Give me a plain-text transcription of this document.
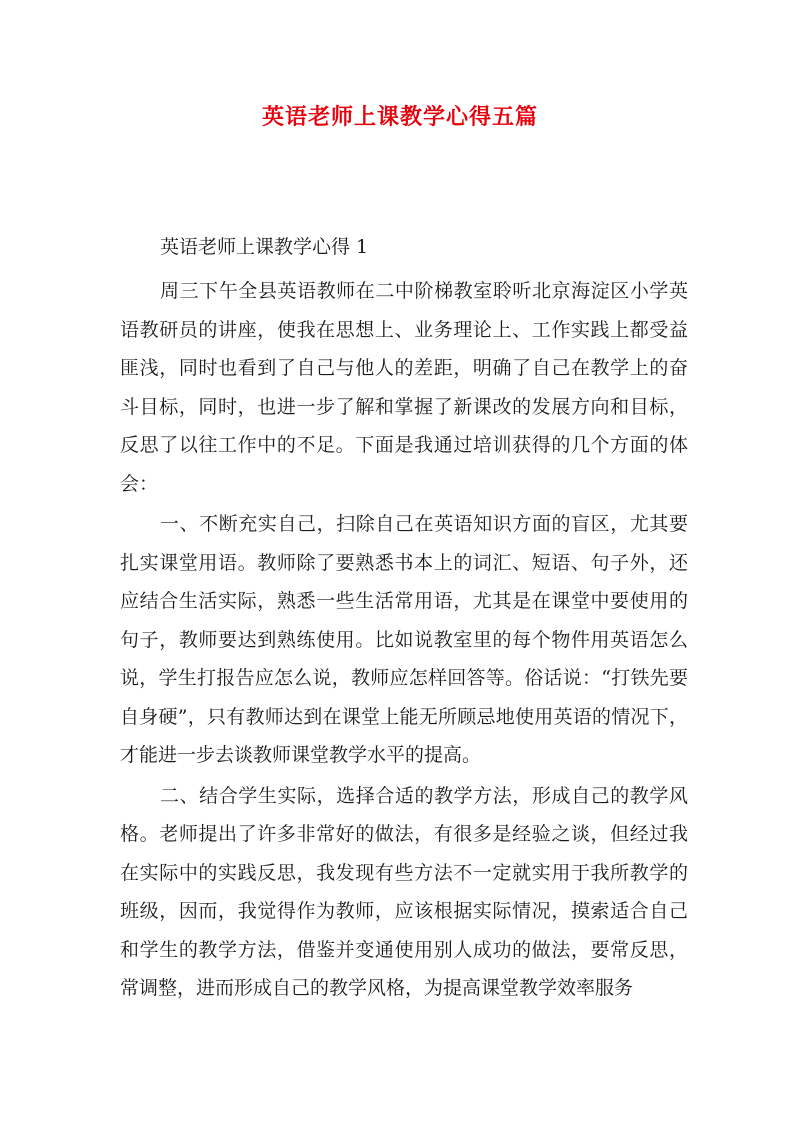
英语老师上课教学心得五篇
英语老师上课教学心得 1

周三下午全县英语教师在二中阶梯教室聆听北京海淀区小学英语教研员的讲座，使我在思想上、业务理论上、工作实践上都受益匪浅，同时也看到了自己与他人的差距，明确了自己在教学上的奋斗目标，同时，也进一步了解和掌握了新课改的发展方向和目标，反思了以往工作中的不足。下面是我通过培训获得的几个方面的体会：

一、不断充实自己，扫除自己在英语知识方面的盲区，尤其要扎实课堂用语。教师除了要熟悉书本上的词汇、短语、句子外，还应结合生活实际，熟悉一些生活常用语，尤其是在课堂中要使用的句子，教师要达到熟练使用。比如说教室里的每个物件用英语怎么说，学生打报告应怎么说，教师应怎样回答等。俗话说：“打铁先要自身硬”，只有教师达到在课堂上能无所顾忌地使用英语的情况下，才能进一步去谈教师课堂教学水平的提高。

二、结合学生实际，选择合适的教学方法，形成自己的教学风格。老师提出了许多非常好的做法，有很多是经验之谈，但经过我在实际中的实践反思，我发现有些方法不一定就实用于我所教学的班级，因而，我觉得作为教师，应该根据实际情况，摸索适合自己和学生的教学方法，借鉴并变通使用别人成功的做法，要常反思，常调整，进而形成自己的教学风格，为提高课堂教学效率服务
